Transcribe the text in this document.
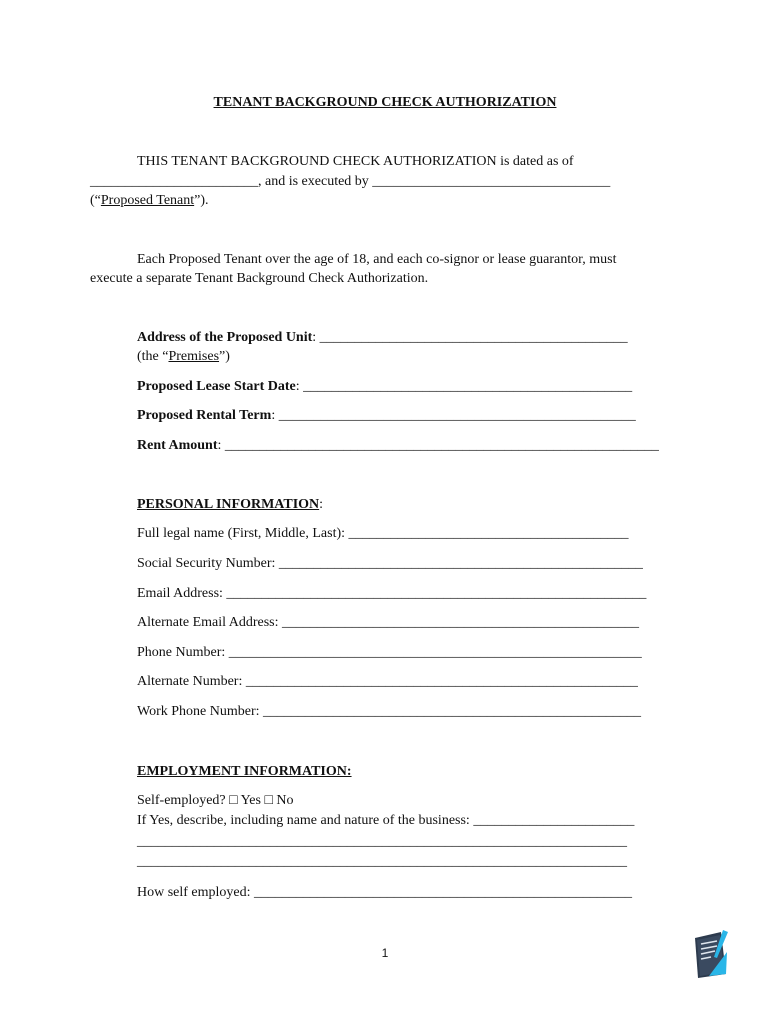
TENANT BACKGROUND CHECK AUTHORIZATION
THIS TENANT BACKGROUND CHECK AUTHORIZATION is dated as of
________________________, and is executed by __________________________________
(“Proposed Tenant”).
Each Proposed Tenant over the age of 18, and each co-signor or lease guarantor, must
execute a separate Tenant Background Check Authorization.
Address of the Proposed Unit: ____________________________________________
(the “Premises”)
Proposed Lease Start Date: _______________________________________________
Proposed Rental Term: ___________________________________________________
Rent Amount: ______________________________________________________________
PERSONAL INFORMATION:
Full legal name (First, Middle, Last): ________________________________________
Social Security Number: ____________________________________________________
Email Address: ____________________________________________________________
Alternate Email Address: ___________________________________________________
Phone Number: ___________________________________________________________
Alternate Number: ________________________________________________________
Work Phone Number: ______________________________________________________
EMPLOYMENT INFORMATION:
Self-employed? □ Yes □ No
If Yes, describe, including name and nature of the business: _______________________
______________________________________________________________________
______________________________________________________________________
How self employed: ______________________________________________________
1
